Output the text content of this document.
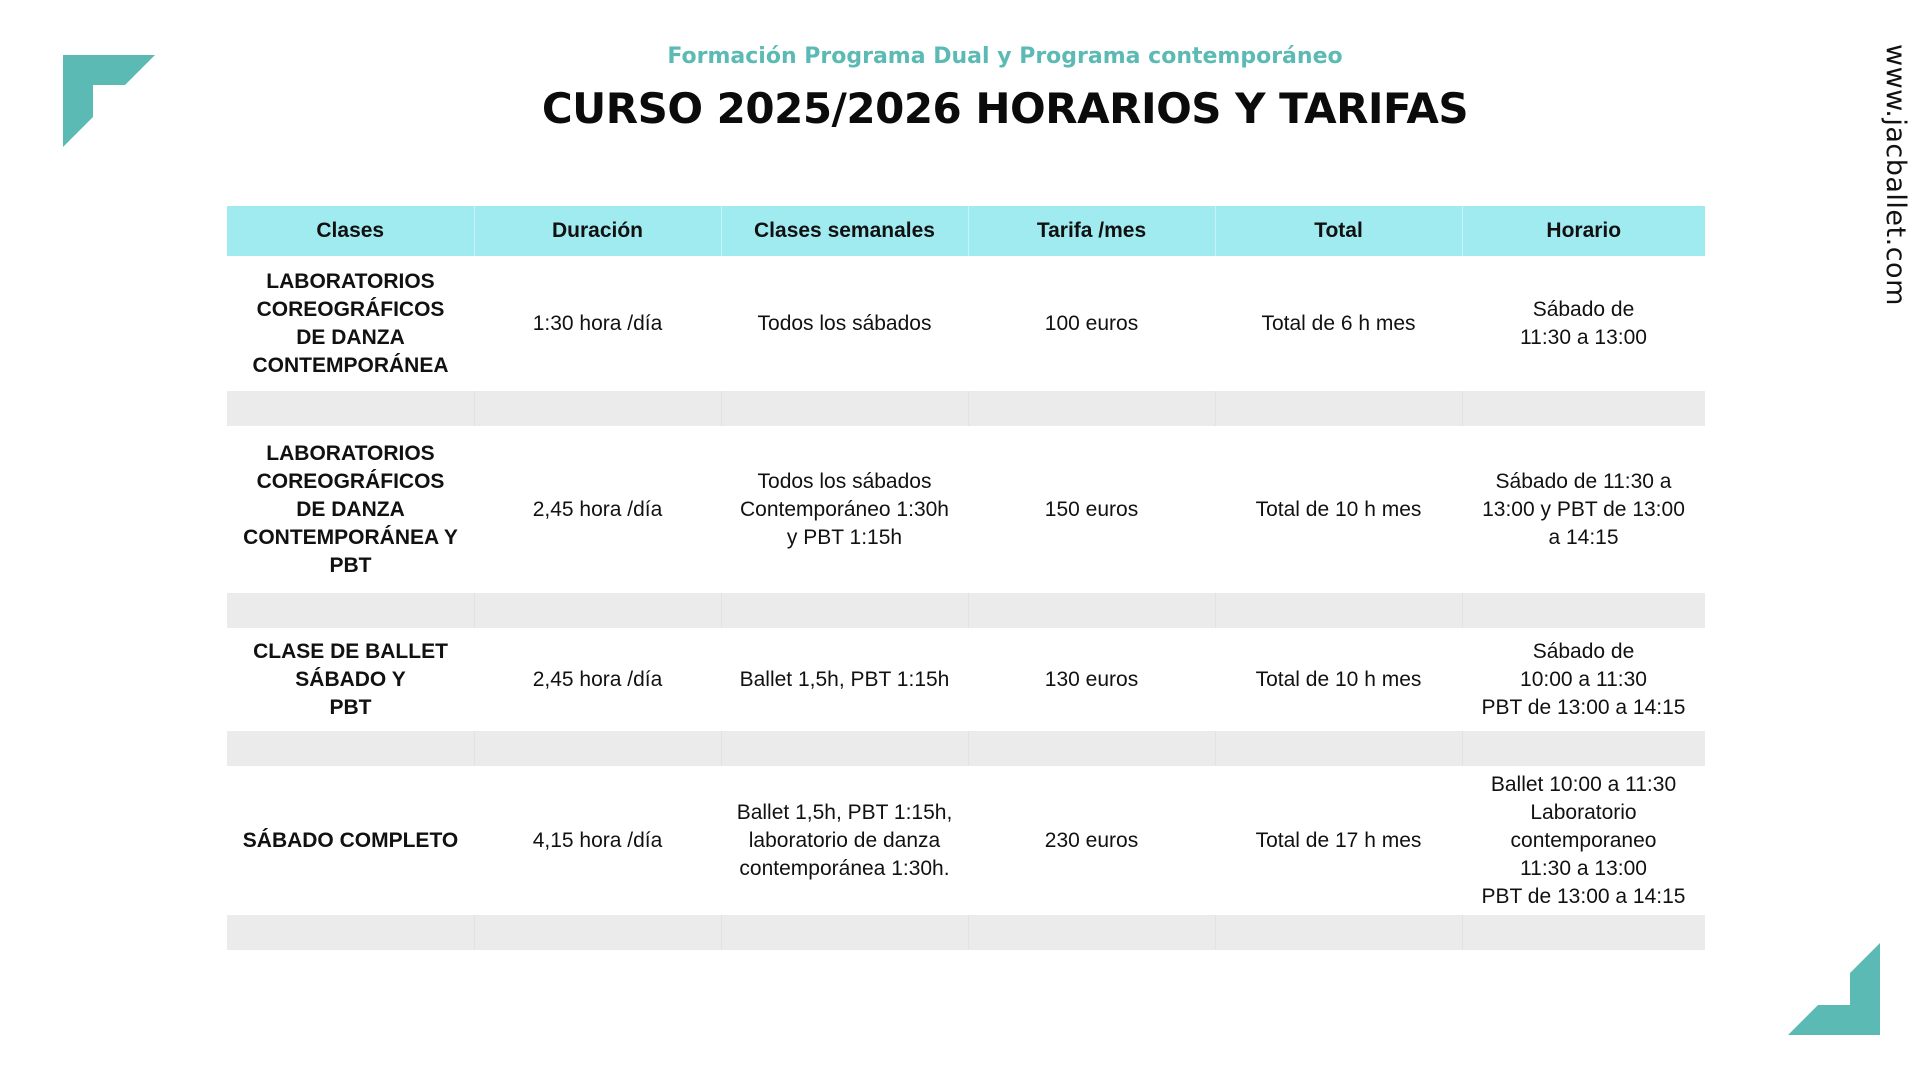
Formación Programa Dual y Programa contemporáneo
CURSO 2025/2026 HORARIOS Y TARIFAS	www.jacballet.com
Clases	Duración	Clases semanales	Tarifa /mes	Total	Horario

LABORATORIOS
COREOGRÁFICOS
DE DANZA
CONTEMPORÁNEA	1:30 hora /día	Todos los sábados	100 euros	Total de 6 h mes	Sábado de
11:30 a 13:00

LABORATORIOS
COREOGRÁFICOS
DE DANZA
CONTEMPORÁNEA Y
PBT	2,45 hora /día	Todos los sábados
Contemporáneo 1:30h
y PBT 1:15h	150 euros	Total de 10 h mes	Sábado de 11:30 a
13:00 y PBT de 13:00
a 14:15

CLASE DE BALLET
SÁBADO Y
PBT	2,45 hora /día	Ballet 1,5h, PBT 1:15h	130 euros	Total de 10 h mes	Sábado de
10:00 a 11:30
PBT de 13:00 a 14:15

SÁBADO COMPLETO	4,15 hora /día	Ballet 1,5h, PBT 1:15h,
laboratorio de danza
contemporánea 1:30h.	230 euros	Total de 17 h mes	Ballet 10:00 a 11:30
Laboratorio
contemporaneo
11:30 a 13:00
PBT de 13:00 a 14:15
